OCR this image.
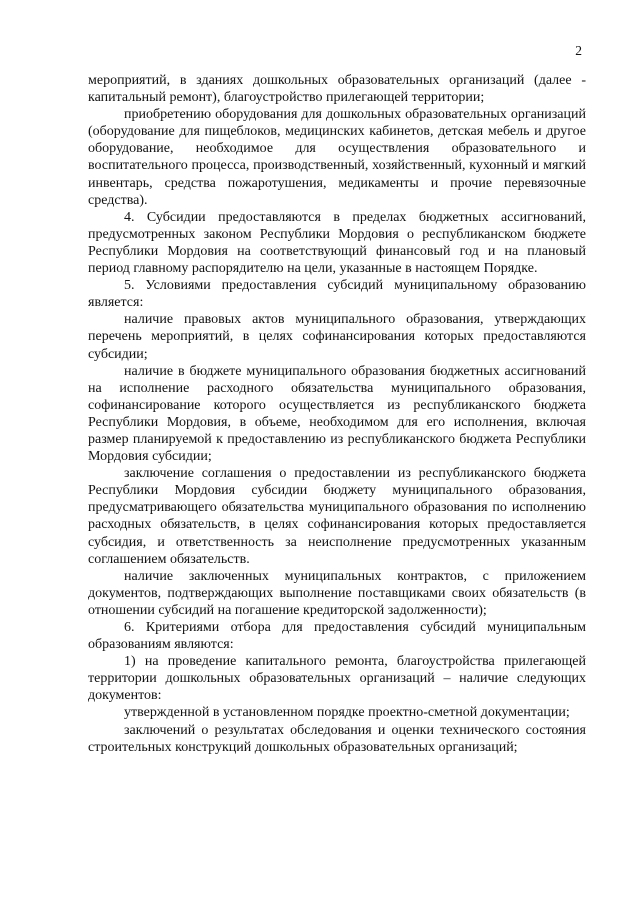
2

мероприятий, в зданиях дошкольных образовательных организаций (далее - капитальный ремонт), благоустройство прилегающей территории;

приобретению оборудования для дошкольных образовательных организаций (оборудование для пищеблоков, медицинских кабинетов, детская мебель и другое оборудование, необходимое для осуществления образовательного и воспитательного процесса, производственный, хозяйственный, кухонный и мягкий инвентарь, средства пожаротушения, медикаменты и прочие перевязочные средства).

4. Субсидии предоставляются в пределах бюджетных ассигнований, предусмотренных законом Республики Мордовия о республиканском бюджете Республики Мордовия на соответствующий финансовый год и на плановый период главному распорядителю на цели, указанные в настоящем Порядке.

5. Условиями предоставления субсидий муниципальному образованию является:

наличие правовых актов муниципального образования, утверждающих перечень мероприятий, в целях софинансирования которых предоставляются субсидии;

наличие в бюджете муниципального образования бюджетных ассигнований на исполнение расходного обязательства муниципального образования, софинансирование которого осуществляется из республиканского бюджета Республики Мордовия, в объеме, необходимом для его исполнения, включая размер планируемой к предоставлению из республиканского бюджета Республики Мордовия субсидии;

заключение соглашения о предоставлении из республиканского бюджета Республики Мордовия субсидии бюджету муниципального образования, предусматривающего обязательства муниципального образования по исполнению расходных обязательств, в целях софинансирования которых предоставляется субсидия, и ответственность за неисполнение предусмотренных указанным соглашением обязательств.

наличие заключенных муниципальных контрактов, с приложением документов, подтверждающих выполнение поставщиками своих обязательств (в отношении субсидий на погашение кредиторской задолженности);

6. Критериями отбора для предоставления субсидий муниципальным образованиям являются:

1) на проведение капитального ремонта, благоустройства прилегающей территории дошкольных образовательных организаций – наличие следующих документов:

утвержденной в установленном порядке проектно-сметной документации;

заключений о результатах обследования и оценки технического состояния строительных конструкций дошкольных образовательных организаций;
